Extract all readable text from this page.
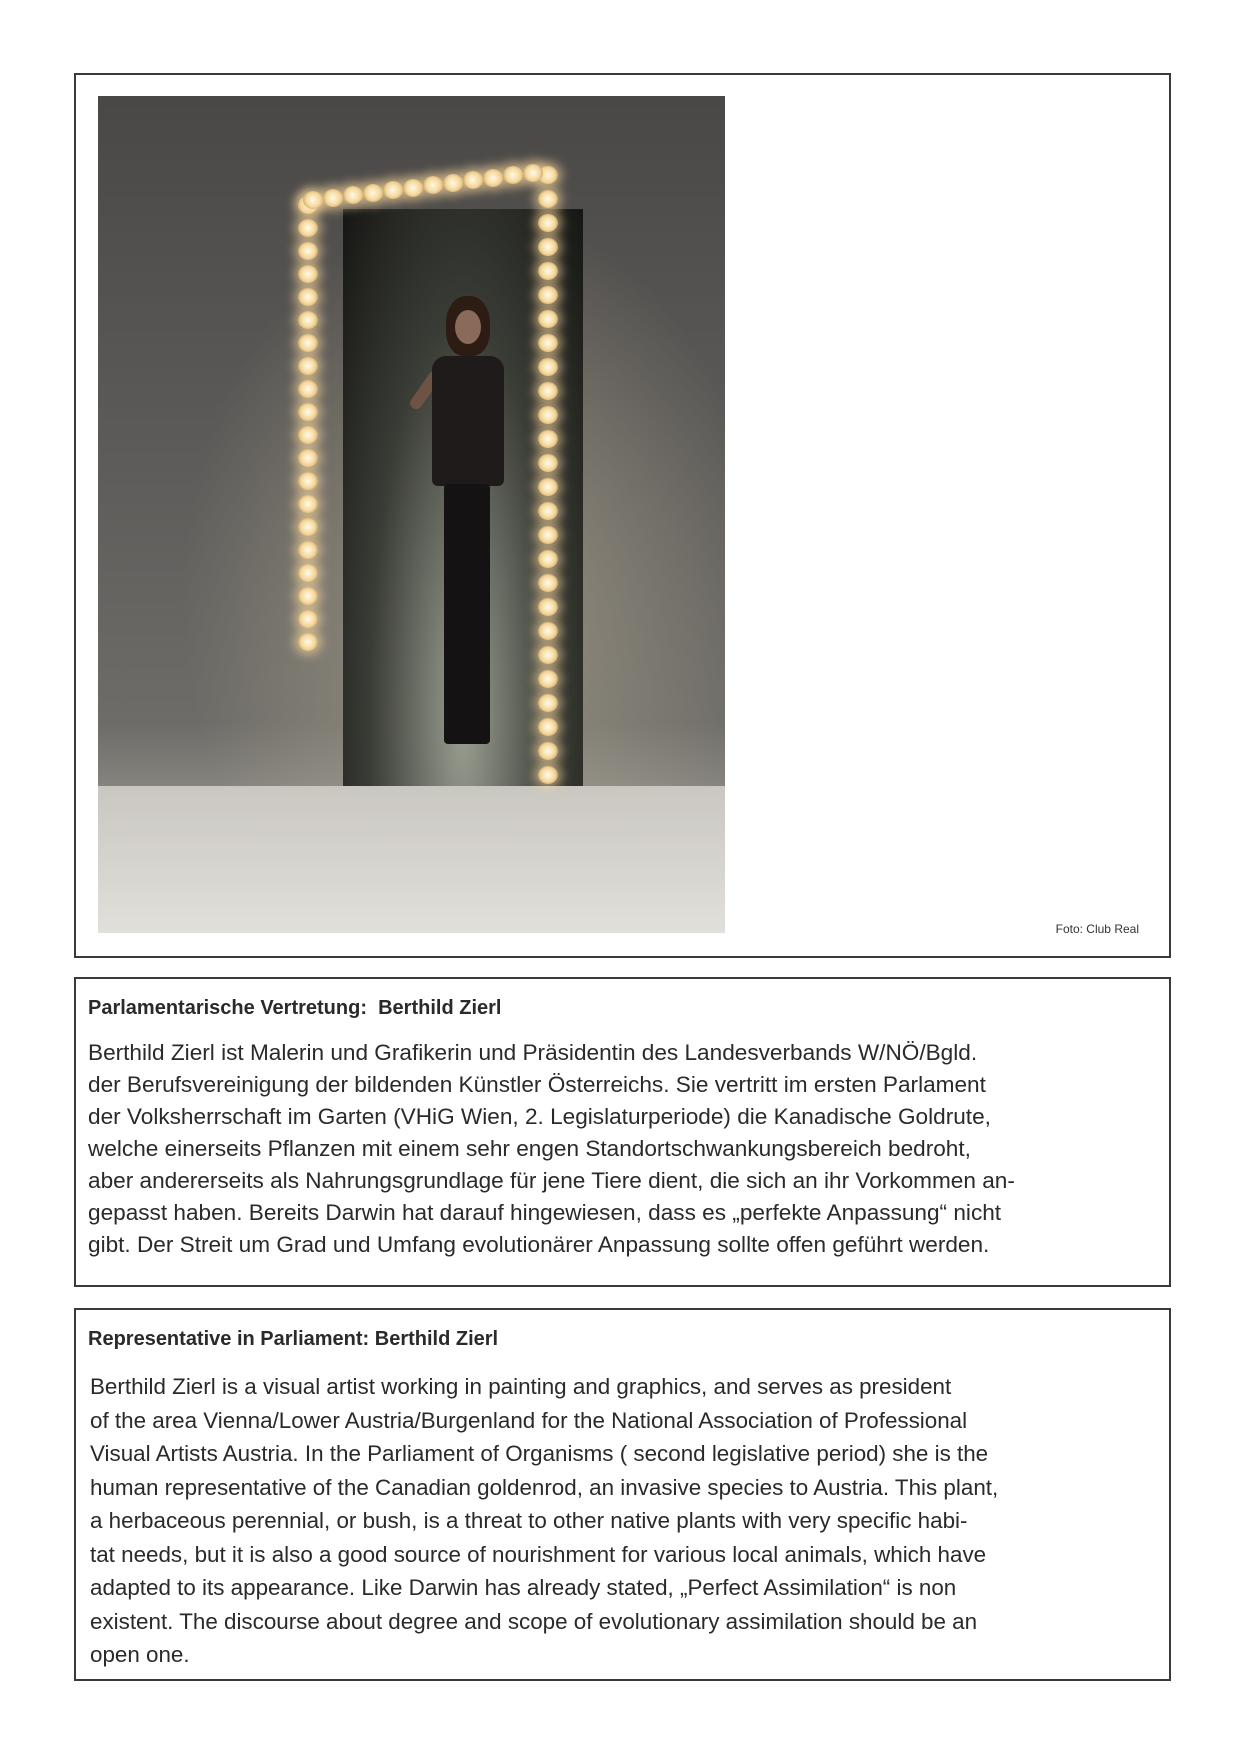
Foto: Club Real
Parlamentarische Vertretung:  Berthild Zierl
Berthild Zierl ist Malerin und Grafikerin und Präsidentin des Landesverbands W/NÖ/Bgld.
der Berufsvereinigung der bildenden Künstler Österreichs. Sie vertritt im ersten Parlament
der Volksherrschaft im Garten (VHiG Wien, 2. Legislaturperiode) die Kanadische Goldrute,
welche einerseits Pflanzen mit einem sehr engen Standortschwankungsbereich bedroht,
aber andererseits als Nahrungsgrundlage für jene Tiere dient, die sich an ihr Vorkommen an-
gepasst haben. Bereits Darwin hat darauf hingewiesen, dass es „perfekte Anpassung“ nicht
gibt. Der Streit um Grad und Umfang evolutionärer Anpassung sollte offen geführt werden.
Representative in Parliament: Berthild Zierl
Berthild Zierl is a visual artist working in painting and graphics, and serves as president
of the area Vienna/Lower Austria/Burgenland for the National Association of Professional
Visual Artists Austria. In the Parliament of Organisms ( second legislative period) she is the
human representative of the Canadian goldenrod, an invasive species to Austria. This plant,
a herbaceous perennial, or bush, is a threat to other native plants with very specific habi-
tat needs, but it is also a good source of nourishment for various local animals, which have
adapted to its appearance. Like Darwin has already stated, „Perfect Assimilation“ is non
existent. The discourse about degree and scope of evolutionary assimilation should be an
open one.
